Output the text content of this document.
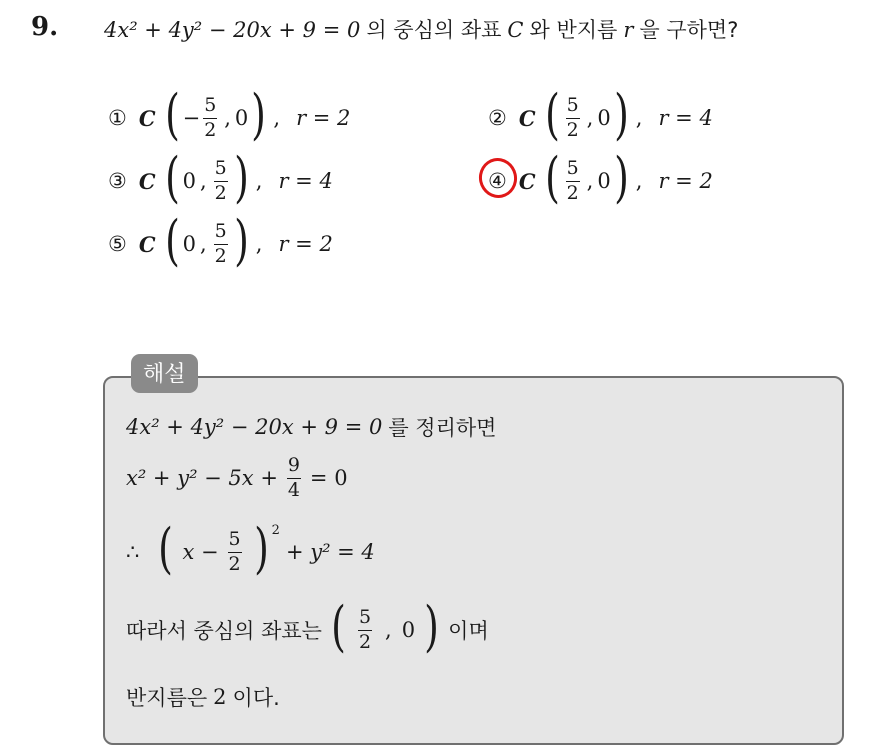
9. 4x² + 4y² − 20x + 9 = 0 의 중심의 좌표 C 와 반지름 r 을 구하면?
① C ( − $\frac{5}{2}$ , 0 ) , r = 2	② C ( $\frac{5}{2}$ , 0 ) , r = 4
③ C ( 0 , $\frac{5}{2}$ ) , r = 4	④ C ( $\frac{5}{2}$ , 0 ) , r = 2
⑤ C ( 0 , $\frac{5}{2}$ ) , r = 2
해설
4x² + 4y² − 20x + 9 = 0 를 정리하면
$x^2 + y^2 - 5x + \frac{9}{4} = 0$
∴ ( $x - \frac{5}{2}$ ) 2
+ y² = 4
따라서 중심의 좌표는 ( $\frac{5}{2}$ , 0 ) 이며
반지름은 2 이다.
